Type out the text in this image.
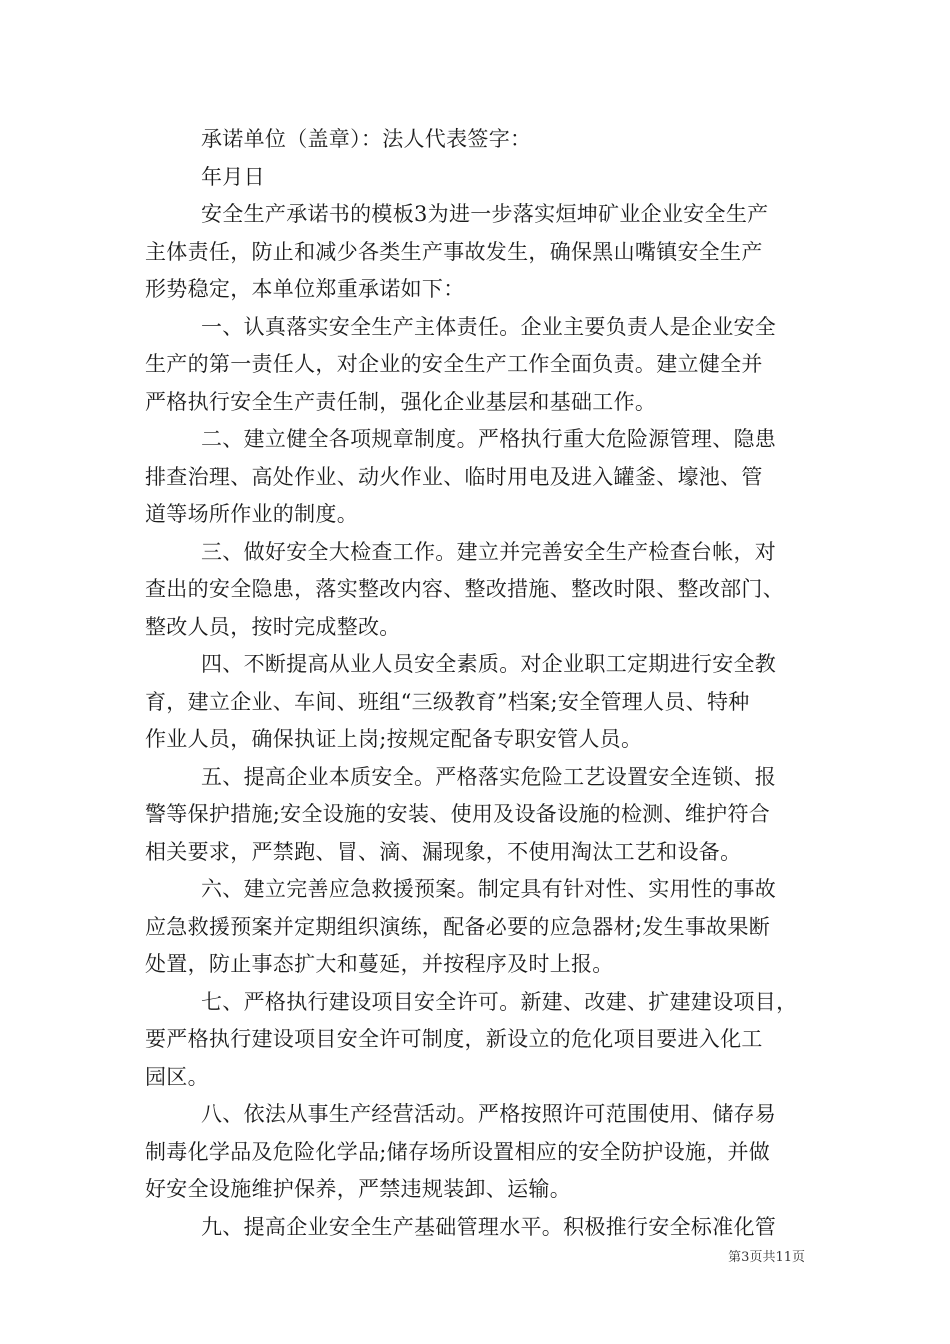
承诺单位（盖章）：法人代表签字：
年月日
安全生产承诺书的模板3为进一步落实烜坤矿业企业安全生产
主体责任，防止和减少各类生产事故发生，确保黑山嘴镇安全生产
形势稳定，本单位郑重承诺如下：
一、认真落实安全生产主体责任。企业主要负责人是企业安全
生产的第一责任人，对企业的安全生产工作全面负责。建立健全并
严格执行安全生产责任制，强化企业基层和基础工作。
二、建立健全各项规章制度。严格执行重大危险源管理、隐患
排查治理、高处作业、动火作业、临时用电及进入罐釜、壕池、管
道等场所作业的制度。
三、做好安全大检查工作。建立并完善安全生产检查台帐，对
查出的安全隐患，落实整改内容、整改措施、整改时限、整改部门、
整改人员，按时完成整改。
四、不断提高从业人员安全素质。对企业职工定期进行安全教
育，建立企业、车间、班组“三级教育”档案;安全管理人员、特种
作业人员，确保执证上岗;按规定配备专职安管人员。
五、提高企业本质安全。严格落实危险工艺设置安全连锁、报
警等保护措施;安全设施的安装、使用及设备设施的检测、维护符合
相关要求，严禁跑、冒、滴、漏现象，不使用淘汰工艺和设备。
六、建立完善应急救援预案。制定具有针对性、实用性的事故
应急救援预案并定期组织演练，配备必要的应急器材;发生事故果断
处置，防止事态扩大和蔓延，并按程序及时上报。
七、严格执行建设项目安全许可。新建、改建、扩建建设项目，
要严格执行建设项目安全许可制度，新设立的危化项目要进入化工
园区。
八、依法从事生产经营活动。严格按照许可范围使用、储存易
制毒化学品及危险化学品;储存场所设置相应的安全防护设施，并做
好安全设施维护保养，严禁违规装卸、运输。
九、提高企业安全生产基础管理水平。积极推行安全标准化管
第3页共11页
